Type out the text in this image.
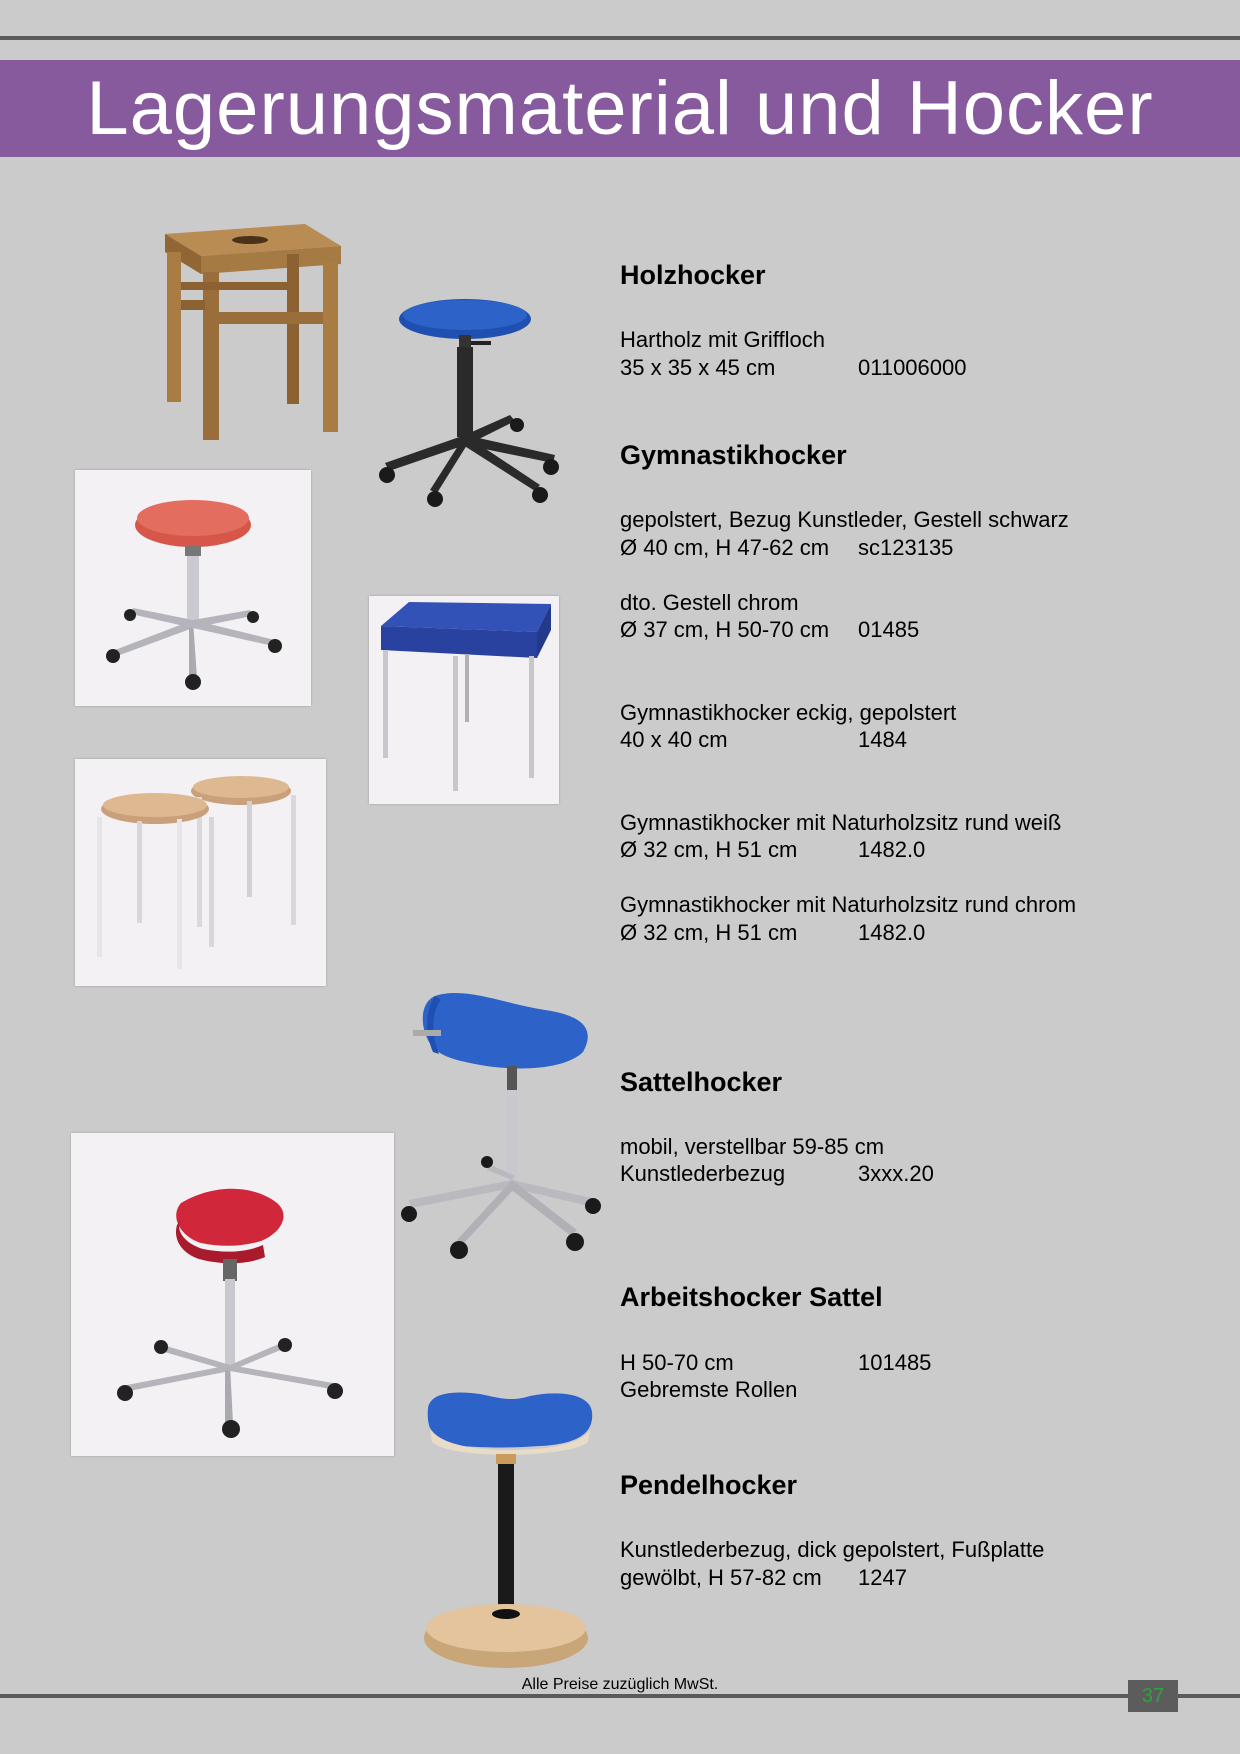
Lagerungsmaterial und Hocker
Holzhocker
Hartholz mit Griffloch
35 x 35 x 45 cm	011006000
Gymnastikhocker
gepolstert, Bezug Kunstleder, Gestell schwarz
Ø 40 cm, H 47-62 cm sc123135
dto. Gestell chrom
Ø 37 cm, H 50-70 cm 01485
Gymnastikhocker eckig, gepolstert
40 x 40 cm	1484
Gymnastikhocker mit Naturholzsitz rund weiß
Ø 32 cm, H 51 cm	1482.0
Gymnastikhocker mit Naturholzsitz rund chrom
Ø 32 cm, H 51 cm	1482.0
Sattelhocker
mobil, verstellbar 59-85 cm
Kunstlederbezug	3xxx.20
Arbeitshocker Sattel
H 50-70 cm	101485
Gebremste Rollen
Pendelhocker
Kunstlederbezug, dick gepolstert, Fußplatte
gewölbt, H 57-82 cm 1247
Alle Preise zuzüglich MwSt.
37
